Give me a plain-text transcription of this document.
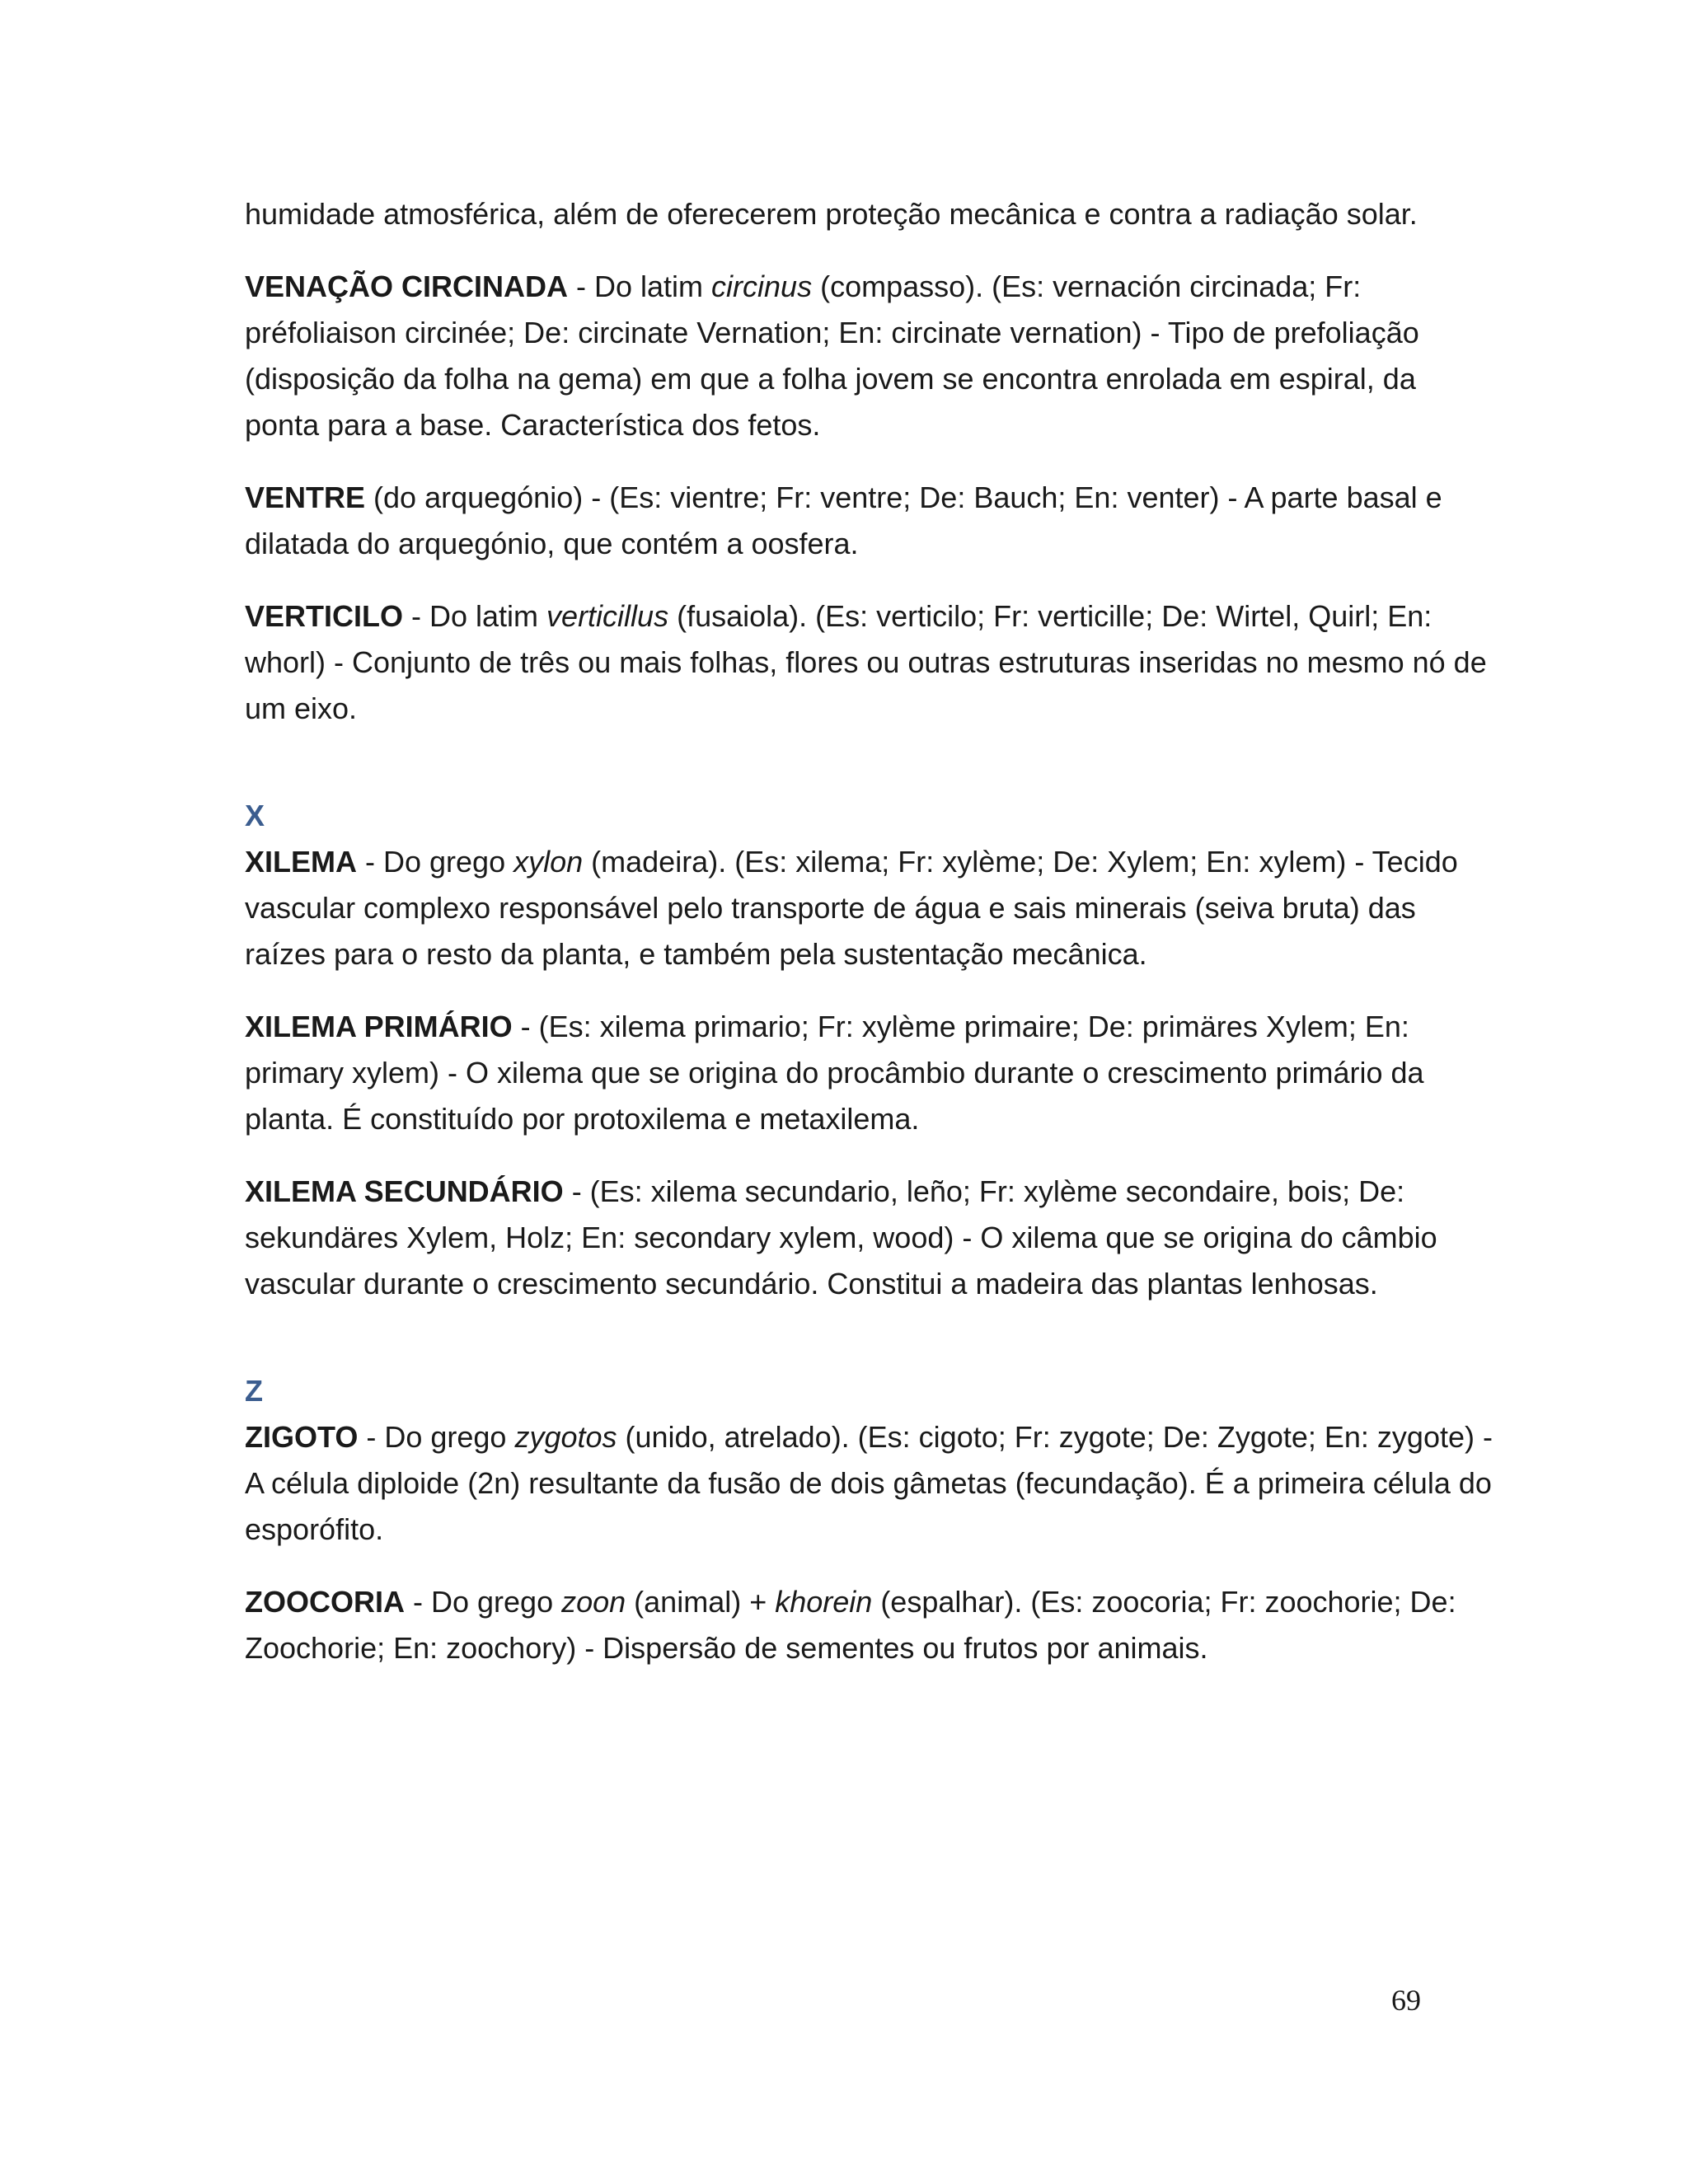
humidade atmosférica, além de oferecerem proteção mecânica e contra a radiação solar.

VENAÇÃO CIRCINADA - Do latim circinus (compasso). (Es: vernación circinada; Fr: préfoliaison circinée; De: circinate Vernation; En: circinate vernation) - Tipo de prefoliação (disposição da folha na gema) em que a folha jovem se encontra enrolada em espiral, da ponta para a base. Característica dos fetos.

VENTRE (do arquegónio) - (Es: vientre; Fr: ventre; De: Bauch; En: venter) - A parte basal e dilatada do arquegónio, que contém a oosfera.

VERTICILO - Do latim verticillus (fusaiola). (Es: verticilo; Fr: verticille; De: Wirtel, Quirl; En: whorl) - Conjunto de três ou mais folhas, flores ou outras estruturas inseridas no mesmo nó de um eixo.

X

XILEMA - Do grego xylon (madeira). (Es: xilema; Fr: xylème; De: Xylem; En: xylem) - Tecido vascular complexo responsável pelo transporte de água e sais minerais (seiva bruta) das raízes para o resto da planta, e também pela sustentação mecânica.

XILEMA PRIMÁRIO - (Es: xilema primario; Fr: xylème primaire; De: primäres Xylem; En: primary xylem) - O xilema que se origina do procâmbio durante o crescimento primário da planta. É constituído por protoxilema e metaxilema.

XILEMA SECUNDÁRIO - (Es: xilema secundario, leño; Fr: xylème secondaire, bois; De: sekundäres Xylem, Holz; En: secondary xylem, wood) - O xilema que se origina do câmbio vascular durante o crescimento secundário. Constitui a madeira das plantas lenhosas.

Z

ZIGOTO - Do grego zygotos (unido, atrelado). (Es: cigoto; Fr: zygote; De: Zygote; En: zygote) - A célula diploide (2n) resultante da fusão de dois gâmetas (fecundação). É a primeira célula do esporófito.

ZOOCORIA - Do grego zoon (animal) + khorein (espalhar). (Es: zoocoria; Fr: zoochorie; De: Zoochorie; En: zoochory) - Dispersão de sementes ou frutos por animais.

69
